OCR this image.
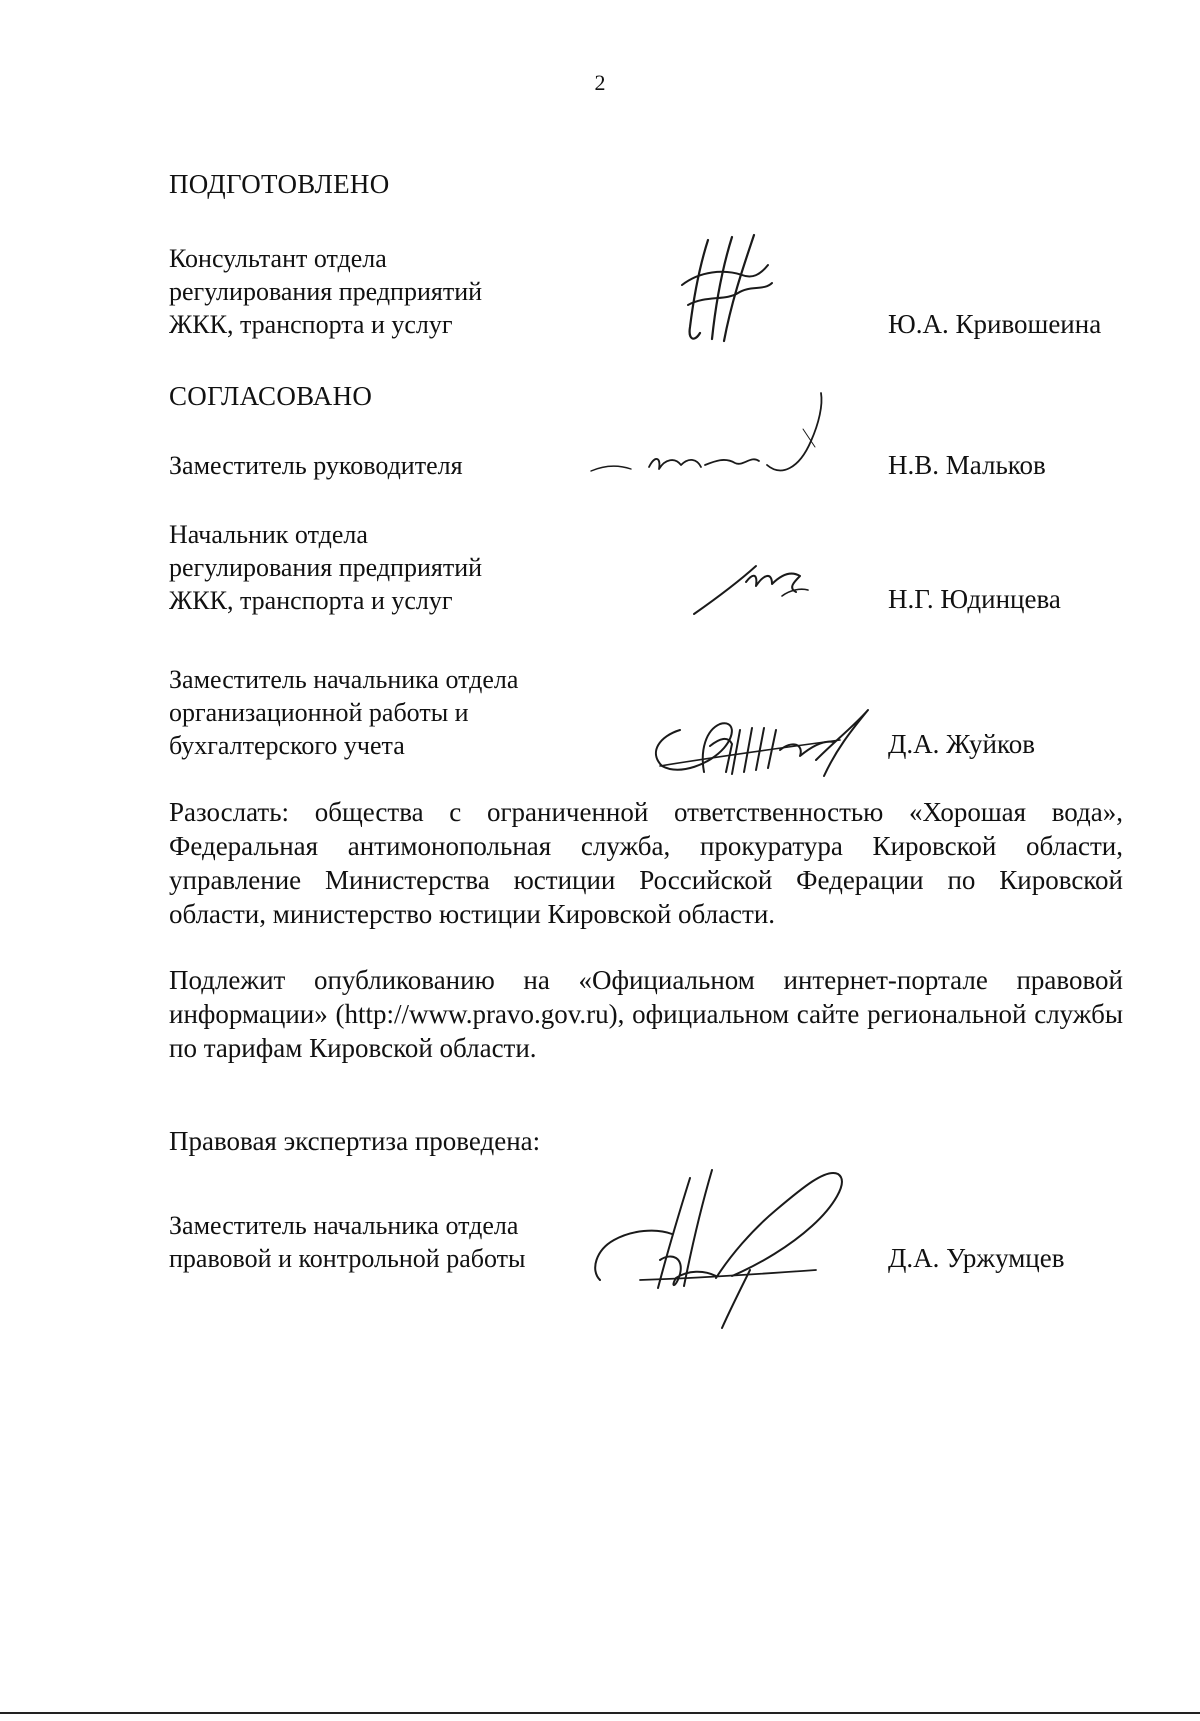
2
ПОДГОТОВЛЕНО
Консультант отдела
регулирования предприятий
ЖКК, транспорта и услуг	Ю.А. Кривошеина
СОГЛАСОВАНО
Заместитель руководителя	Н.В. Мальков
Начальник отдела
регулирования предприятий
ЖКК, транспорта и услуг	Н.Г. Юдинцева
Заместитель начальника отдела
организационной работы и
бухгалтерского учета	Д.А. Жуйков
Разослать: общества с ограниченной ответственностью «Хорошая вода», Федеральная антимонопольная служба, прокуратура Кировской области, управление Министерства юстиции Российской Федерации по Кировской области, министерство юстиции Кировской области.
Подлежит опубликованию на «Официальном интернет-портале правовой информации» (http://www.pravo.gov.ru), официальном сайте региональной службы по тарифам Кировской области.
Правовая экспертиза проведена:
Заместитель начальника отдела
правовой и контрольной работы	Д.А. Уржумцев
